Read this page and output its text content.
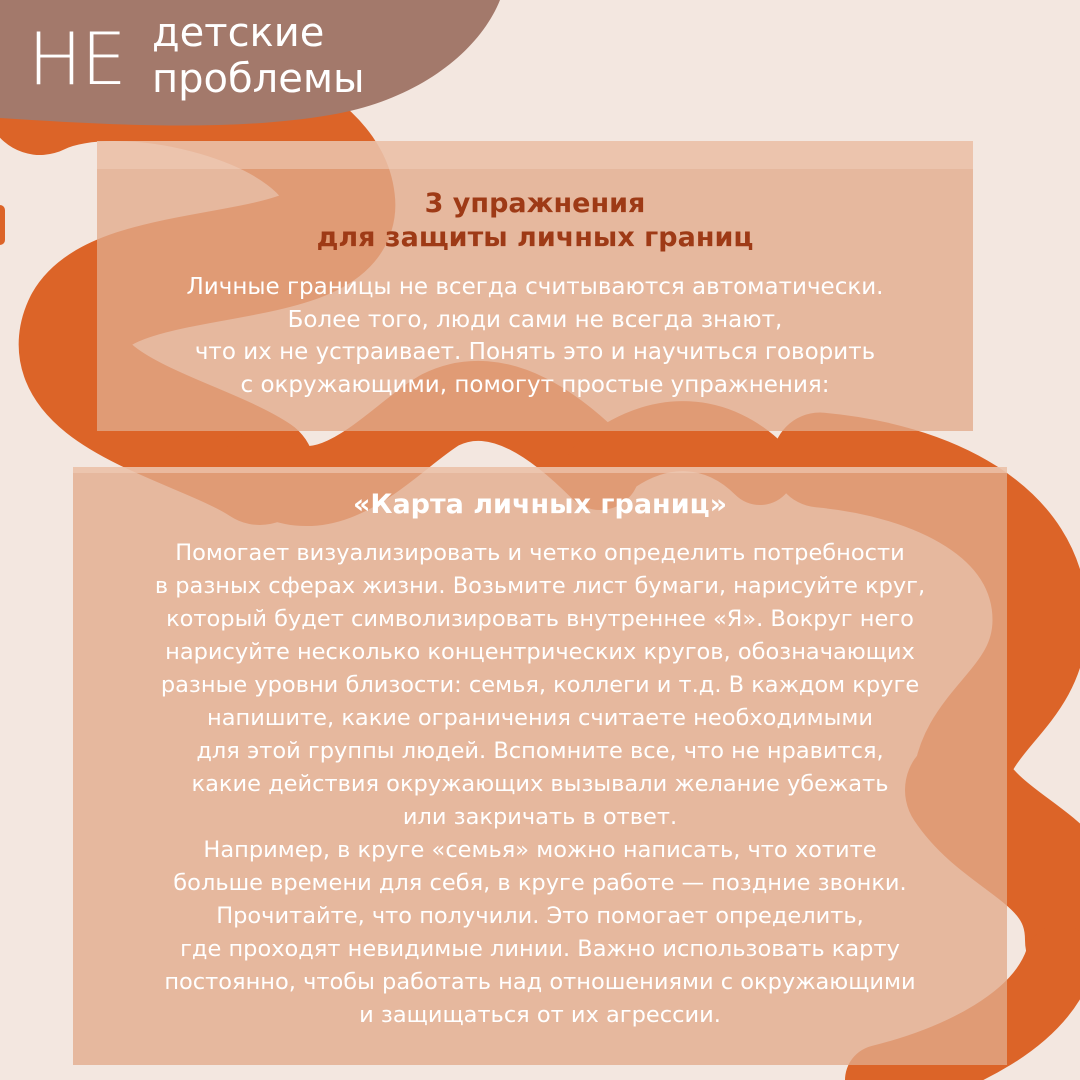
НЕ детские
проблемы
3 упражнения
для защиты личных границ
Личные границы не всегда считываются автоматически.
Более того, люди сами не всегда знают,
что их не устраивает. Понять это и научиться говорить
с окружающими, помогут простые упражнения:
«Карта личных границ»
Помогает визуализировать и четко определить потребности
в разных сферах жизни. Возьмите лист бумаги, нарисуйте круг,
который будет символизировать внутреннее «Я». Вокруг него
нарисуйте несколько концентрических кругов, обозначающих
разные уровни близости: семья, коллеги и т.д. В каждом круге
напишите, какие ограничения считаете необходимыми
для этой группы людей. Вспомните все, что не нравится,
какие действия окружающих вызывали желание убежать
или закричать в ответ.
Например, в круге «семья» можно написать, что хотите
больше времени для себя, в круге работе — поздние звонки.
Прочитайте, что получили. Это помогает определить,
где проходят невидимые линии. Важно использовать карту
постоянно, чтобы работать над отношениями с окружающими
и защищаться от их агрессии.
